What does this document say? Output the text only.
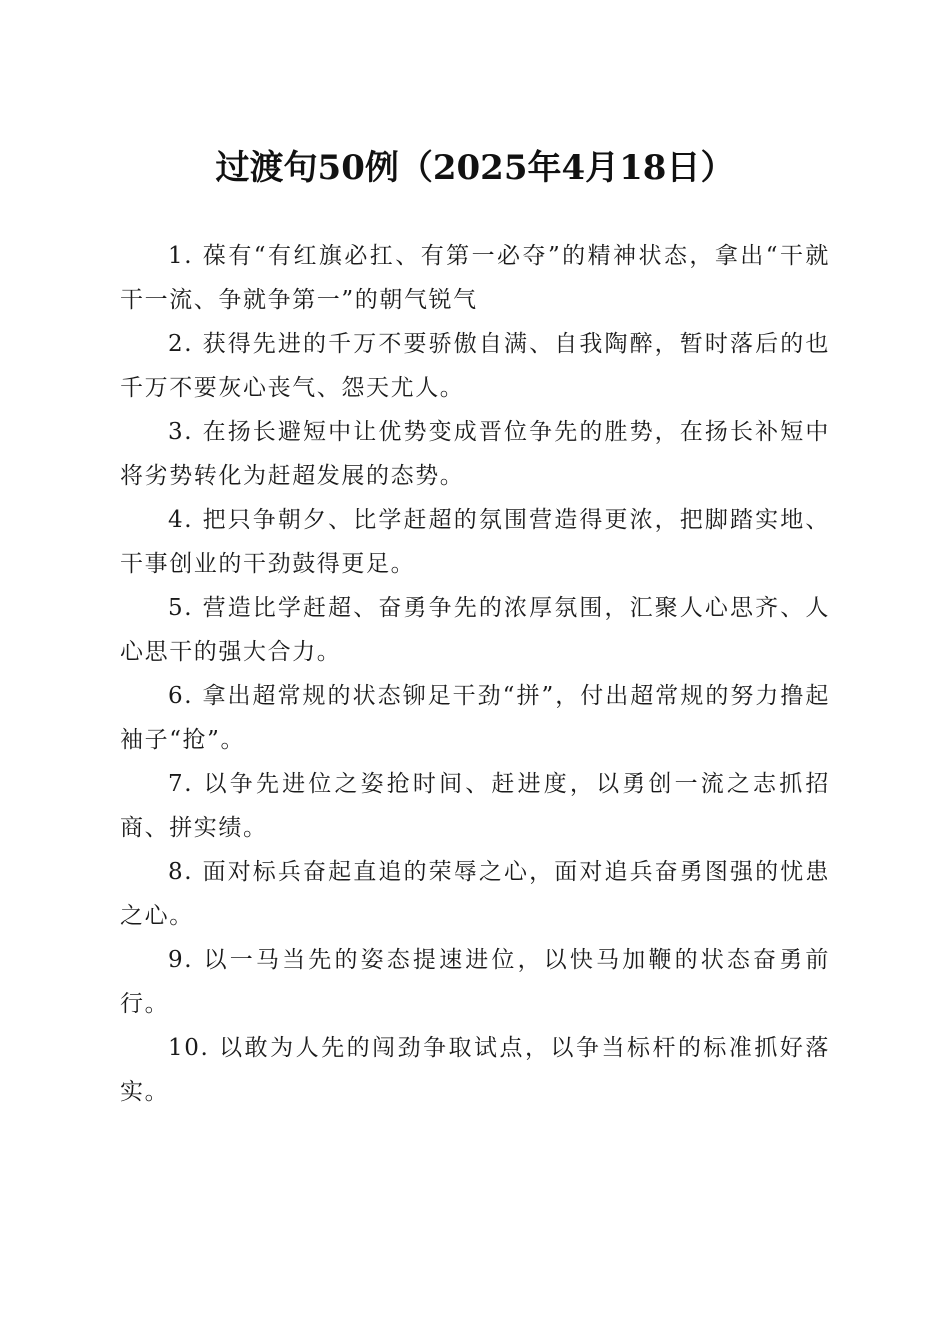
过渡句50例（2025年4月18日）

1. 葆有“有红旗必扛、有第一必夺”的精神状态，拿出“干就干一流、争就争第一”的朝气锐气

2. 获得先进的千万不要骄傲自满、自我陶醉，暂时落后的也千万不要灰心丧气、怨天尤人。

3. 在扬长避短中让优势变成晋位争先的胜势，在扬长补短中将劣势转化为赶超发展的态势。

4. 把只争朝夕、比学赶超的氛围营造得更浓，把脚踏实地、干事创业的干劲鼓得更足。

5. 营造比学赶超、奋勇争先的浓厚氛围，汇聚人心思齐、人心思干的强大合力。

6. 拿出超常规的状态铆足干劲“拼”，付出超常规的努力撸起袖子“抢”。

7. 以争先进位之姿抢时间、赶进度，以勇创一流之志抓招商、拼实绩。

8. 面对标兵奋起直追的荣辱之心，面对追兵奋勇图强的忧患之心。

9. 以一马当先的姿态提速进位，以快马加鞭的状态奋勇前行。

10. 以敢为人先的闯劲争取试点，以争当标杆的标准抓好落实。
